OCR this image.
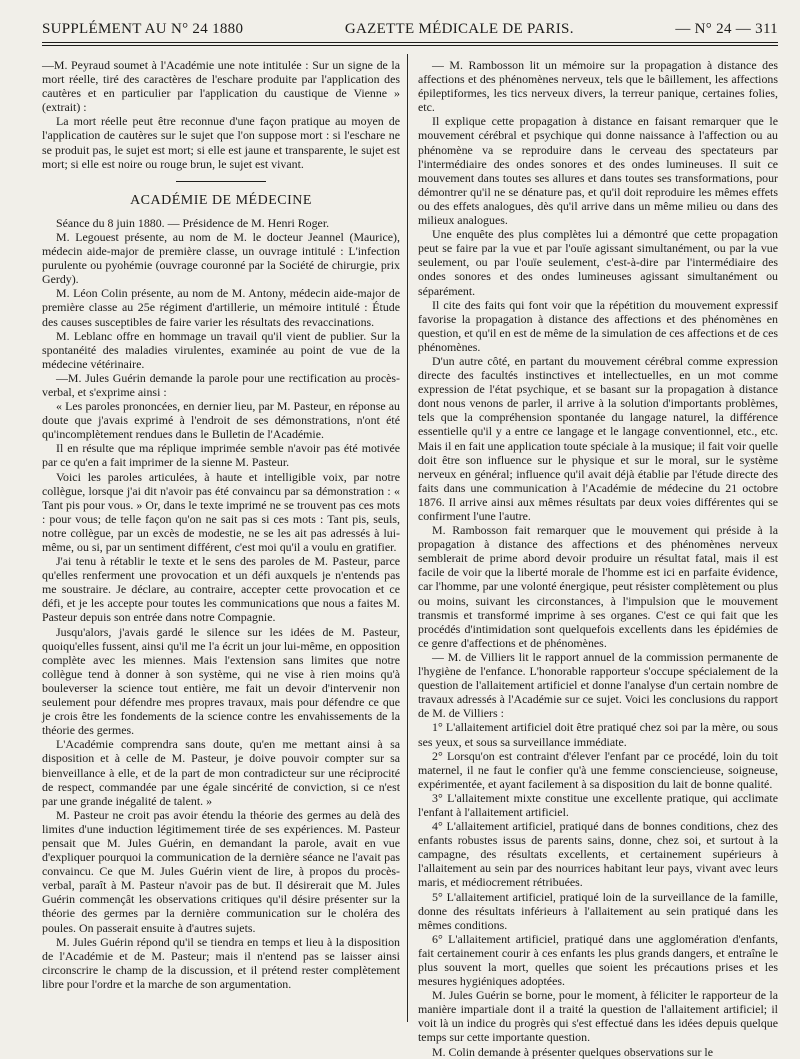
SUPPLÉMENT AU N° 24 1880	GAZETTE MÉDICALE DE PARIS.	— N° 24 — 311

—M. Peyraud soumet à l'Académie une note intitulée : Sur un signe de la mort réelle, tiré des caractères de l'eschare produite par l'application des cautères et en particulier par l'application du caustique de Vienne » (extrait) :

La mort réelle peut être reconnue d'une façon pratique au moyen de l'application de cautères sur le sujet que l'on suppose mort : si l'eschare ne se produit pas, le sujet est mort; si elle est jaune et transparente, le sujet est mort; si elle est noire ou rouge brun, le sujet est vivant.

ACADÉMIE DE MÉDECINE

Séance du 8 juin 1880. — Présidence de M. Henri Roger.

M. Legouest présente, au nom de M. le docteur Jeannel (Maurice), médecin aide-major de première classe, un ouvrage intitulé : L'infection purulente ou pyohémie (ouvrage couronné par la Société de chirurgie, prix Gerdy).

M. Léon Colin présente, au nom de M. Antony, médecin aide-major de première classe au 25e régiment d'artillerie, un mémoire intitulé : Étude des causes susceptibles de faire varier les résultats des revaccinations.

M. Leblanc offre en hommage un travail qu'il vient de publier. Sur la spontanéité des maladies virulentes, examinée au point de vue de la médecine vétérinaire.

—M. Jules Guérin demande la parole pour une rectification au procès-verbal, et s'exprime ainsi :

« Les paroles prononcées, en dernier lieu, par M. Pasteur, en réponse au doute que j'avais exprimé à l'endroit de ses démonstrations, n'ont été qu'incomplètement rendues dans le Bulletin de l'Académie.

Il en résulte que ma réplique imprimée semble n'avoir pas été motivée par ce qu'en a fait imprimer de la sienne M. Pasteur.

Voici les paroles articulées, à haute et intelligible voix, par notre collègue, lorsque j'ai dit n'avoir pas été convaincu par sa démonstration : « Tant pis pour vous. » Or, dans le texte imprimé ne se trouvent pas ces mots : pour vous; de telle façon qu'on ne sait pas si ces mots : Tant pis, seuls, notre collègue, par un excès de modestie, ne se les ait pas adressés à lui-même, ou si, par un sentiment différent, c'est moi qu'il a voulu en gratifier.

J'ai tenu à rétablir le texte et le sens des paroles de M. Pasteur, parce qu'elles renferment une provocation et un défi auxquels je n'entends pas me soustraire. Je déclare, au contraire, accepter cette provocation et ce défi, et je les accepte pour toutes les communications que nous a faites M. Pasteur depuis son entrée dans notre Compagnie.

Jusqu'alors, j'avais gardé le silence sur les idées de M. Pasteur, quoiqu'elles fussent, ainsi qu'il me l'a écrit un jour lui-même, en opposition complète avec les miennes. Mais l'extension sans limites que notre collègue tend à donner à son système, qui ne vise à rien moins qu'à bouleverser la science tout entière, me fait un devoir d'intervenir non seulement pour défendre mes propres travaux, mais pour défendre ce que je crois être les fondements de la science contre les envahissements de la théorie des germes.

L'Académie comprendra sans doute, qu'en me mettant ainsi à sa disposition et à celle de M. Pasteur, je doive pouvoir compter sur sa bienveillance à elle, et de la part de mon contradicteur sur une réciprocité de respect, commandée par une égale sincérité de conviction, si ce n'est par une grande inégalité de talent. »

M. Pasteur ne croit pas avoir étendu la théorie des germes au delà des limites d'une induction légitimement tirée de ses expériences. M. Pasteur pensait que M. Jules Guérin, en demandant la parole, avait en vue d'expliquer pourquoi la communication de la dernière séance ne l'avait pas convaincu. Ce que M. Jules Guérin vient de lire, à propos du procès-verbal, paraît à M. Pasteur n'avoir pas de but. Il désirerait que M. Jules Guérin commençât les observations critiques qu'il désire présenter sur la théorie des germes par la dernière communication sur le choléra des poules. On passerait ensuite à d'autres sujets.

M. Jules Guérin répond qu'il se tiendra en temps et lieu à la disposition de l'Académie et de M. Pasteur; mais il n'entend pas se laisser ainsi circonscrire le champ de la discussion, et il prétend rester complètement libre pour l'ordre et la marche de son argumentation.

— M. Rambosson lit un mémoire sur la propagation à distance des affections et des phénomènes nerveux, tels que le bâillement, les affections épileptiformes, les tics nerveux divers, la terreur panique, certaines folies, etc.

Il explique cette propagation à distance en faisant remarquer que le mouvement cérébral et psychique qui donne naissance à l'affection ou au phénomène va se reproduire dans le cerveau des spectateurs par l'intermédiaire des ondes sonores et des ondes lumineuses. Il suit ce mouvement dans toutes ses allures et dans toutes ses transformations, pour démontrer qu'il ne se dénature pas, et qu'il doit reproduire les mêmes effets ou des effets analogues, dès qu'il arrive dans un même milieu ou dans des milieux analogues.

Une enquête des plus complètes lui a démontré que cette propagation peut se faire par la vue et par l'ouïe agissant simultanément, ou par la vue seulement, ou par l'ouïe seulement, c'est-à-dire par l'intermédiaire des ondes sonores et des ondes lumineuses agissant simultanément ou séparément.

Il cite des faits qui font voir que la répétition du mouvement expressif favorise la propagation à distance des affections et des phénomènes en question, et qu'il en est de même de la simulation de ces affections et de ces phénomènes.

D'un autre côté, en partant du mouvement cérébral comme expression directe des facultés instinctives et intellectuelles, en un mot comme expression de l'état psychique, et se basant sur la propagation à distance dont nous venons de parler, il arrive à la solution d'importants problèmes, tels que la compréhension spontanée du langage naturel, la différence essentielle qu'il y a entre ce langage et le langage conventionnel, etc., etc. Mais il en fait une application toute spéciale à la musique; il fait voir quelle doit être son influence sur le physique et sur le moral, sur le système nerveux en général; influence qu'il avait déjà établie par l'étude directe des faits dans une communication à l'Académie de médecine du 21 octobre 1876. Il arrive ainsi aux mêmes résultats par deux voies différentes qui se confirment l'une l'autre.

M. Rambosson fait remarquer que le mouvement qui préside à la propagation à distance des affections et des phénomènes nerveux semblerait de prime abord devoir produire un résultat fatal, mais il est facile de voir que la liberté morale de l'homme est ici en parfaite évidence, car l'homme, par une volonté énergique, peut résister complètement ou plus ou moins, suivant les circonstances, à l'impulsion que le mouvement transmis et transformé imprime à ses organes. C'est ce qui fait que les procédés d'intimidation sont quelquefois excellents dans les épidémies de ce genre d'affections et de phénomènes.

— M. de Villiers lit le rapport annuel de la commission permanente de l'hygiène de l'enfance. L'honorable rapporteur s'occupe spécialement de la question de l'allaitement artificiel et donne l'analyse d'un certain nombre de travaux adressés à l'Académie sur ce sujet. Voici les conclusions du rapport de M. de Villiers :

1° L'allaitement artificiel doit être pratiqué chez soi par la mère, ou sous ses yeux, et sous sa surveillance immédiate.

2° Lorsqu'on est contraint d'élever l'enfant par ce procédé, loin du toit maternel, il ne faut le confier qu'à une femme consciencieuse, soigneuse, expérimentée, et ayant facilement à sa disposition du lait de bonne qualité.

3° L'allaitement mixte constitue une excellente pratique, qui acclimate l'enfant à l'allaitement artificiel.

4° L'allaitement artificiel, pratiqué dans de bonnes conditions, chez des enfants robustes issus de parents sains, donne, chez soi, et surtout à la campagne, des résultats excellents, et certainement supérieurs à l'allaitement au sein par des nourrices habitant leur pays, vivant avec leurs maris, et médiocrement rétribuées.

5° L'allaitement artificiel, pratiqué loin de la surveillance de la famille, donne des résultats inférieurs à l'allaitement au sein pratiqué dans les mêmes conditions.

6° L'allaitement artificiel, pratiqué dans une agglomération d'enfants, fait certainement courir à ces enfants les plus grands dangers, et entraîne le plus souvent la mort, quelles que soient les précautions prises et les mesures hygiéniques adoptées.

M. Jules Guérin se borne, pour le moment, à féliciter le rapporteur de la manière impartiale dont il a traité la question de l'allaitement artificiel; il voit là un indice du progrès qui s'est effectué dans les idées depuis quelque temps sur cette importante question.

M. Colin demande à présenter quelques observations sur le
